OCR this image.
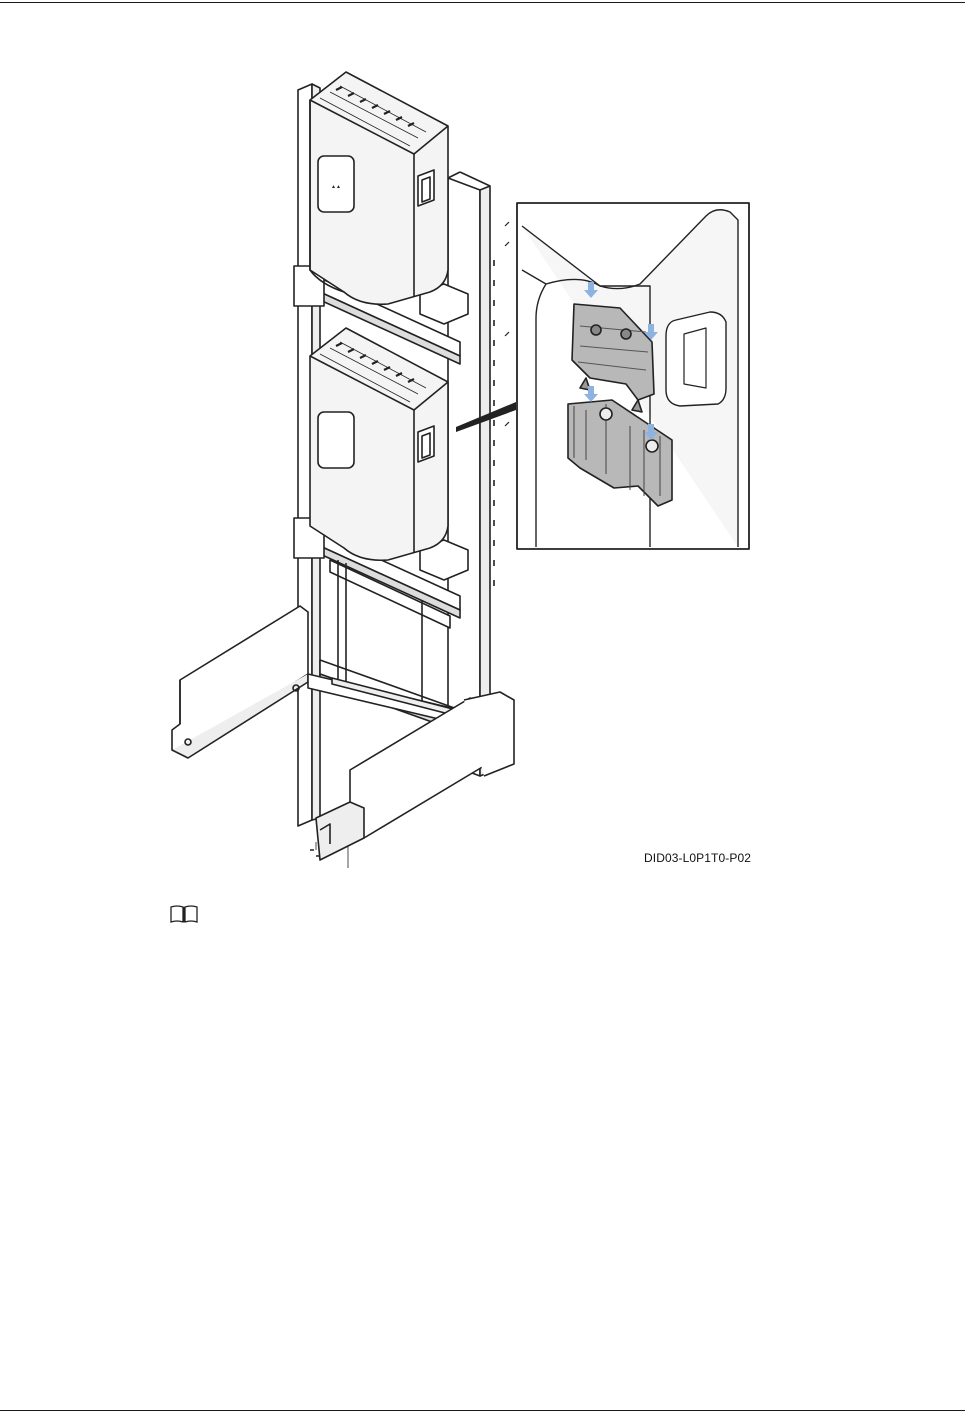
▲▲
DID03-L0P1T0-P02
